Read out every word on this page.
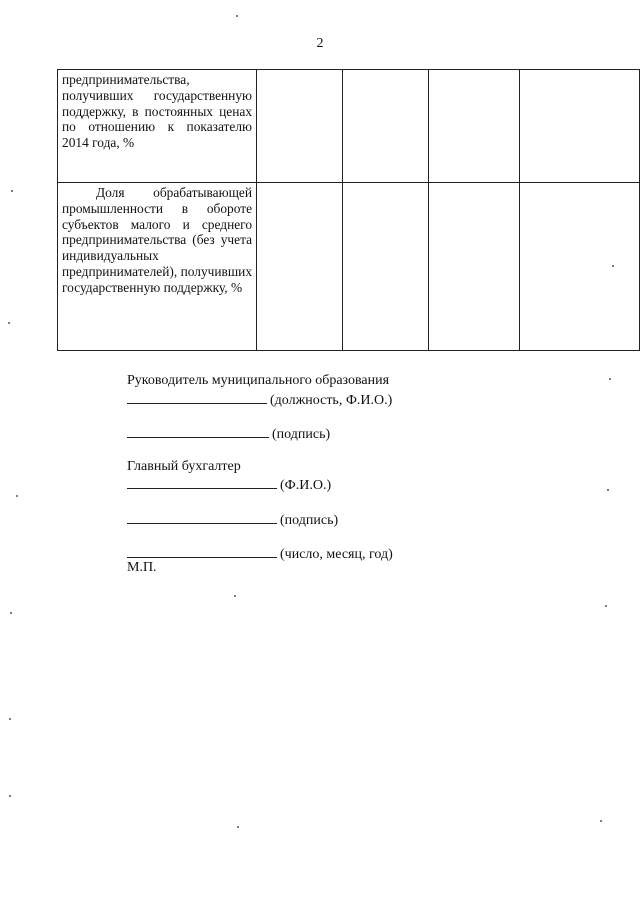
2
предпринимательства, получивших государственную поддержку, в постоянных ценах по отношению к показателю 2014 года, %				
Доля обрабатывающей промышленности в обороте субъектов малого и среднего предпринимательства (без учета индивидуальных предпринимателей), получивших государственную поддержку, %				
Руководитель муниципального образования
(должность, Ф.И.О.)
(подпись)
Главный бухгалтер
(Ф.И.О.)
(подпись)
(число, месяц, год)
М.П.
